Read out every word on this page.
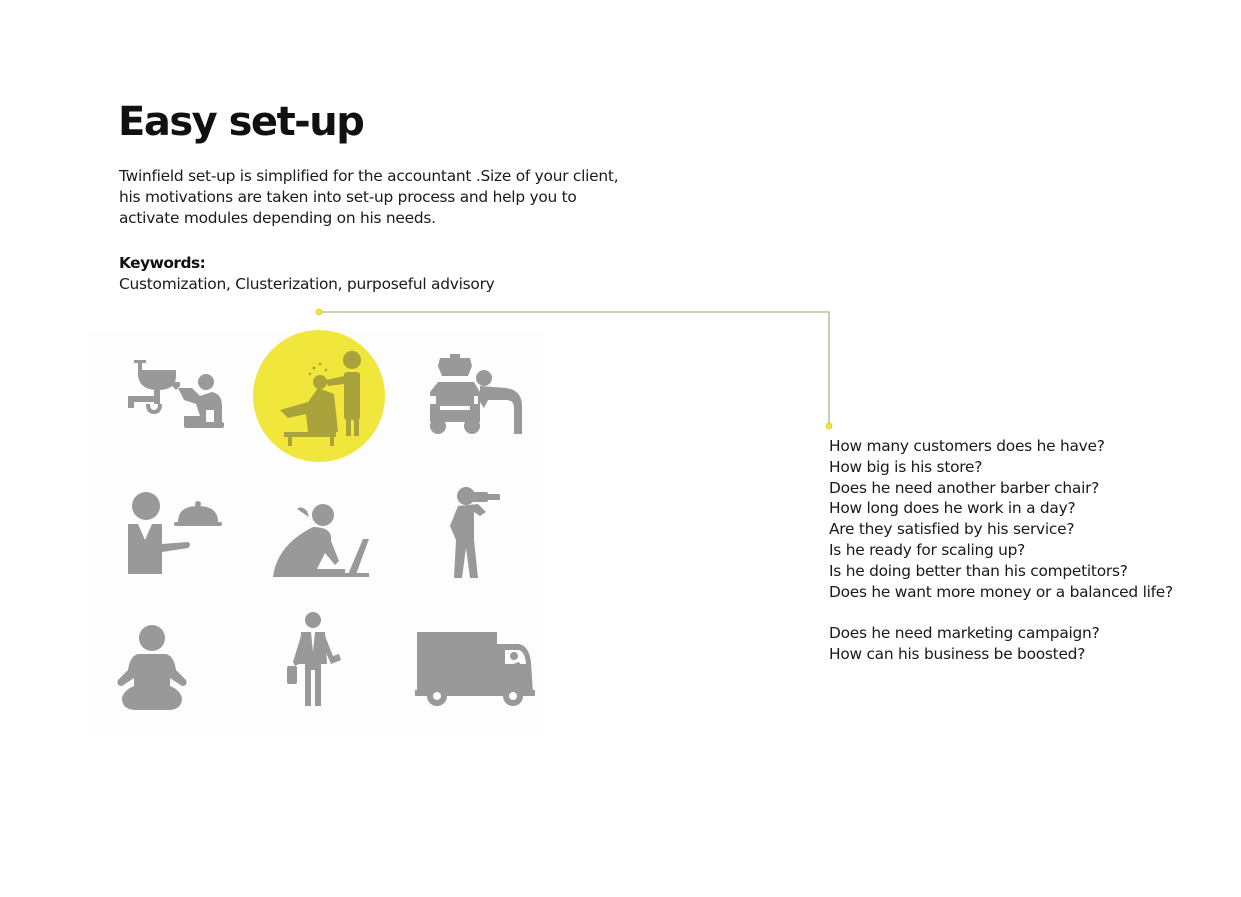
Easy set-up

Twinfield set-up is simplified for the accountant .Size of your client,
his motivations are taken into set-up process and help you to
activate modules depending on his needs.

Keywords:

Customization, Clusterization, purposeful advisory

How many customers does he have?
How big is his store?
Does he need another barber chair?
How long does he work in a day?
Are they satisfied by his service?
Is he ready for scaling up?
Is he doing better than his competitors?
Does he want more money or a balanced life?
Does he need marketing campaign?
How can his business be boosted?
